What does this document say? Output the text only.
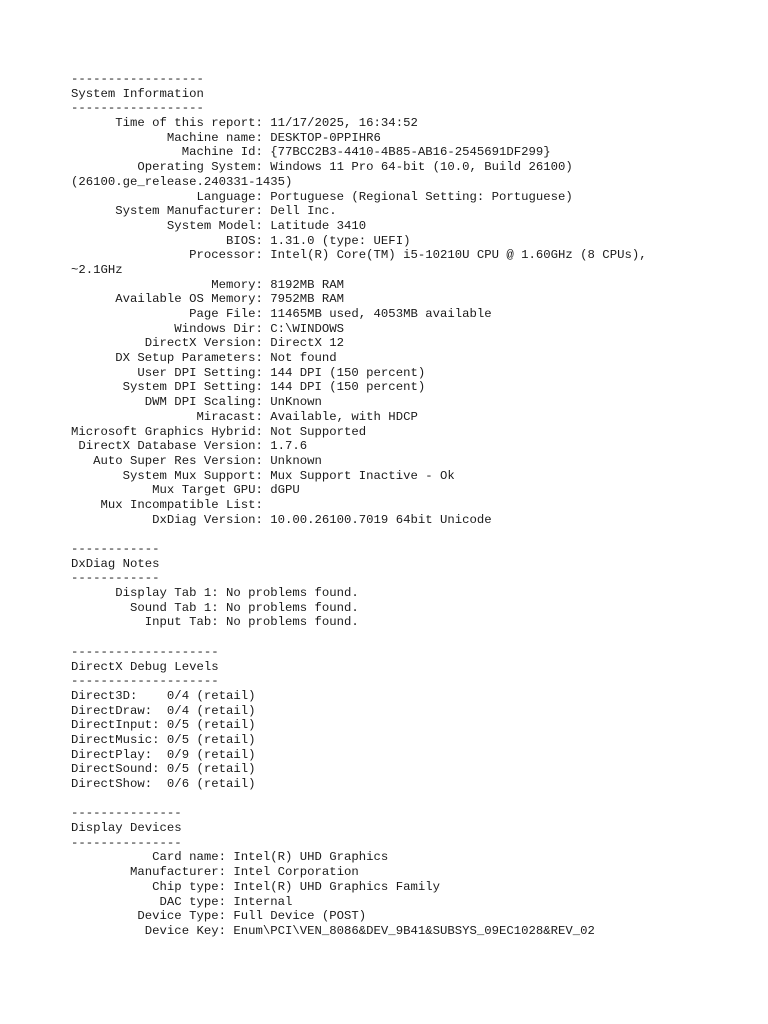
------------------
System Information
------------------
Time of this report: 11/17/2025, 16:34:52
Machine name: DESKTOP-0PPIHR6
Machine Id: {77BCC2B3-4410-4B85-AB16-2545691DF299}
Operating System: Windows 11 Pro 64-bit (10.0, Build 26100)
(26100.ge_release.240331-1435)
Language: Portuguese (Regional Setting: Portuguese)
System Manufacturer: Dell Inc.
System Model: Latitude 3410
BIOS: 1.31.0 (type: UEFI)
Processor: Intel(R) Core(TM) i5-10210U CPU @ 1.60GHz (8 CPUs),
~2.1GHz
Memory: 8192MB RAM
Available OS Memory: 7952MB RAM
Page File: 11465MB used, 4053MB available
Windows Dir: C:\WINDOWS
DirectX Version: DirectX 12
DX Setup Parameters: Not found
User DPI Setting: 144 DPI (150 percent)
System DPI Setting: 144 DPI (150 percent)
DWM DPI Scaling: UnKnown
Miracast: Available, with HDCP
Microsoft Graphics Hybrid: Not Supported
DirectX Database Version: 1.7.6
Auto Super Res Version: Unknown
System Mux Support: Mux Support Inactive - Ok
Mux Target GPU: dGPU
Mux Incompatible List:
DxDiag Version: 10.00.26100.7019 64bit Unicode
------------
DxDiag Notes
------------
Display Tab 1: No problems found.
Sound Tab 1: No problems found.
Input Tab: No problems found.
--------------------
DirectX Debug Levels
--------------------
Direct3D:    0/4 (retail)
DirectDraw:  0/4 (retail)
DirectInput: 0/5 (retail)
DirectMusic: 0/5 (retail)
DirectPlay:  0/9 (retail)
DirectSound: 0/5 (retail)
DirectShow:  0/6 (retail)
---------------
Display Devices
---------------
Card name: Intel(R) UHD Graphics
Manufacturer: Intel Corporation
Chip type: Intel(R) UHD Graphics Family
DAC type: Internal
Device Type: Full Device (POST)
Device Key: Enum\PCI\VEN_8086&DEV_9B41&SUBSYS_09EC1028&REV_02
